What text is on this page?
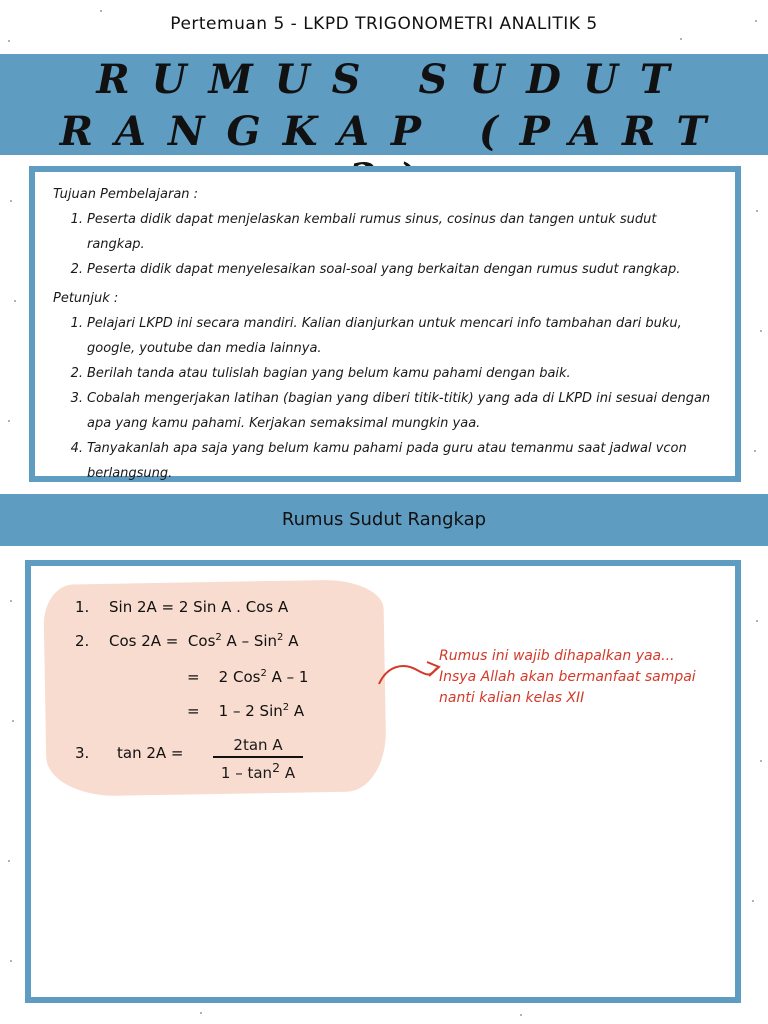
Pertemuan 5 - LKPD TRIGONOMETRI ANALITIK 5
RUMUS SUDUT
RANGKAP (PART
Tujuan Pembelajaran :
1. Peserta didik dapat menjelaskan kembali rumus sinus, cosinus dan tangen untuk sudut rangkap.
2. Peserta didik dapat menyelesaikan soal-soal yang berkaitan dengan rumus sudut rangkap.
Petunjuk :
1. Pelajari LKPD ini secara mandiri. Kalian dianjurkan untuk mencari info tambahan dari buku, google, youtube dan media lainnya.
2. Berilah tanda atau tulislah bagian yang belum kamu pahami dengan baik.
3. Cobalah mengerjakan latihan (bagian yang diberi titik-titik) yang ada di LKPD ini sesuai dengan apa yang kamu pahami. Kerjakan semaksimal mungkin yaa.
4. Tanyakanlah apa saja yang belum kamu pahami pada guru atau temanmu saat jadwal vcon berlangsung.
Rumus Sudut Rangkap
1. Sin 2A = 2 Sin A . Cos A
2. Cos 2A = Cos$^2$ A – Sin$^2$ A
= 2 Cos$^2$ A – 1
= 1 – 2 Sin$^2$ A
3. tan 2A =	2tan A
$1 - \tan^2 A$
Rumus ini wajib dihapalkan yaa...
Insya Allah akan bermanfaat sampai nanti kalian kelas XII
